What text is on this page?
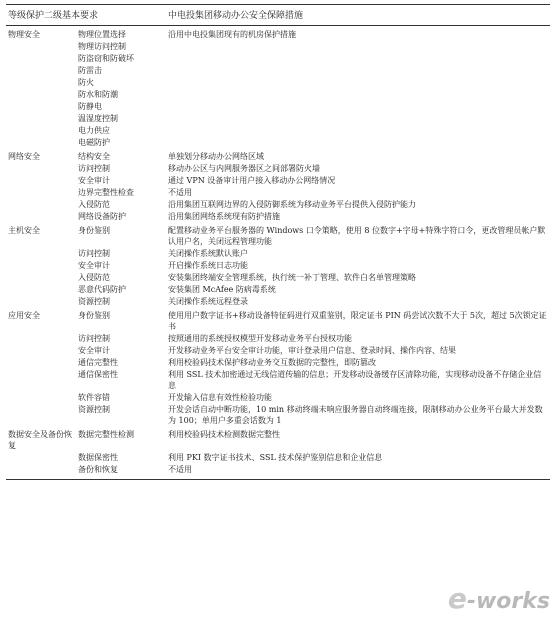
等级保护二级基本要求		中电投集团移动办公安全保障措施
物理安全	物理位置选择	沿用中电投集团现有的机房保护措施
	物理访问控制	
	防盗窃和防破坏	
	防雷击	
	防火	
	防水和防潮	
	防静电	
	温湿度控制	
	电力供应	
	电磁防护	
网络安全	结构安全	单独划分移动办公网络区域
	访问控制	移动办公区与内网服务器区之间部署防火墙
	安全审计	通过 VPN 设备审计用户接入移动办公网络情况
	边界完整性检查	不适用
	入侵防范	沿用集团互联网边界的入侵防御系统为移动业务平台提供入侵防护能力
	网络设备防护	沿用集团网络系统现有防护措施
主机安全	身份鉴别	配置移动业务平台服务器的 Windows 口令策略，使用 8 位数字+字母+特殊字符口令，更改管理员帐户默认用户名，关闭远程管理功能
	访问控制	关闭操作系统默认账户
	安全审计	开启操作系统日志功能
	入侵防范	安装集团终端安全管理系统，执行统一补丁管理、软件白名单管理策略
	恶意代码防护	安装集团 McAfee 防病毒系统
	资源控制	关闭操作系统远程登录
应用安全	身份鉴别	使用用户数字证书+移动设备特征码进行双重鉴别，限定证书 PIN 码尝试次数不大于 5次，超过 5次锁定证书
	访问控制	按照通用的系统授权模型开发移动业务平台授权功能
	安全审计	开发移动业务平台安全审计功能，审计登录用户信息、登录时间、操作内容、结果
	通信完整性	利用校验码技术保护移动业务交互数据的完整性，即防篡改
	通信保密性	利用 SSL 技术加密通过无线信道传输的信息；开发移动设备缓存区清除功能，实现移动设备不存储企业信息
	软件容错	开发输入信息有效性检验功能
	资源控制	开发会话自动中断功能，10 min 移动终端未响应服务器自动终端连接，限制移动办公业务平台最大并发数为 100；单用户多重会话数为 1
数据安全及备份恢复	数据完整性检测	利用校验码技术检测数据完整性
	数据保密性	利用 PKI 数字证书技术、SSL 技术保护鉴别信息和企业信息
	备份和恢复	不适用
e-works
